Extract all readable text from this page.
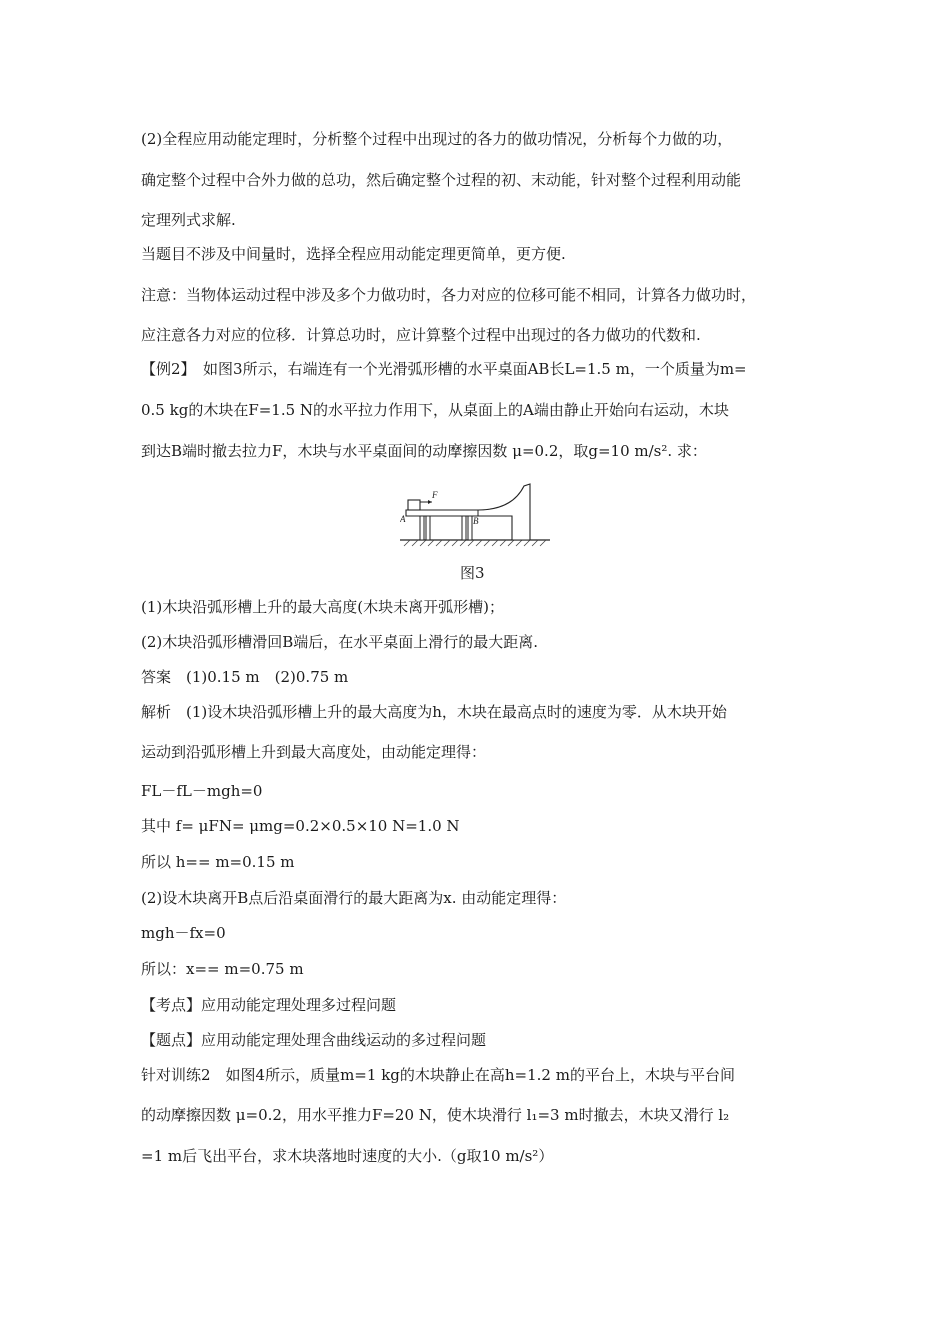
(2)全程应用动能定理时，分析整个过程中出现过的各力的做功情况，分析每个力做的功，
确定整个过程中合外力做的总功，然后确定整个过程的初、末动能，针对整个过程利用动能
定理列式求解.
当题目不涉及中间量时，选择全程应用动能定理更简单，更方便.
注意：当物体运动过程中涉及多个力做功时，各力对应的位移可能不相同，计算各力做功时，
应注意各力对应的位移．计算总功时，应计算整个过程中出现过的各力做功的代数和.
【例2】　如图3所示，右端连有一个光滑弧形槽的水平桌面AB长L=1.5 m，一个质量为m=
0.5 kg的木块在F=1.5 N的水平拉力作用下，从桌面上的A端由静止开始向右运动，木块
到达B端时撤去拉力F，木块与水平桌面间的动摩擦因数 μ=0.2，取g=10 m/s². 求：
F
A	B
图3
(1)木块沿弧形槽上升的最大高度(木块未离开弧形槽)；
(2)木块沿弧形槽滑回B端后，在水平桌面上滑行的最大距离.
答案　(1)0.15 m　(2)0.75 m
解析　(1)设木块沿弧形槽上升的最大高度为h，木块在最高点时的速度为零．从木块开始
运动到沿弧形槽上升到最大高度处，由动能定理得：
FL－fL－mgh=0
其中 f= μFN= μmg=0.2×0.5×10 N=1.0 N
所以 h== m=0.15 m
(2)设木块离开B点后沿桌面滑行的最大距离为x. 由动能定理得：
mgh－fx=0
所以：x== m=0.75 m
【考点】应用动能定理处理多过程问题
【题点】应用动能定理处理含曲线运动的多过程问题
针对训练2　如图4所示，质量m=1 kg的木块静止在高h=1.2 m的平台上，木块与平台间
的动摩擦因数 μ=0.2，用水平推力F=20 N，使木块滑行 l₁=3 m时撤去，木块又滑行 l₂
=1 m后飞出平台，求木块落地时速度的大小.（g取10 m/s²）
